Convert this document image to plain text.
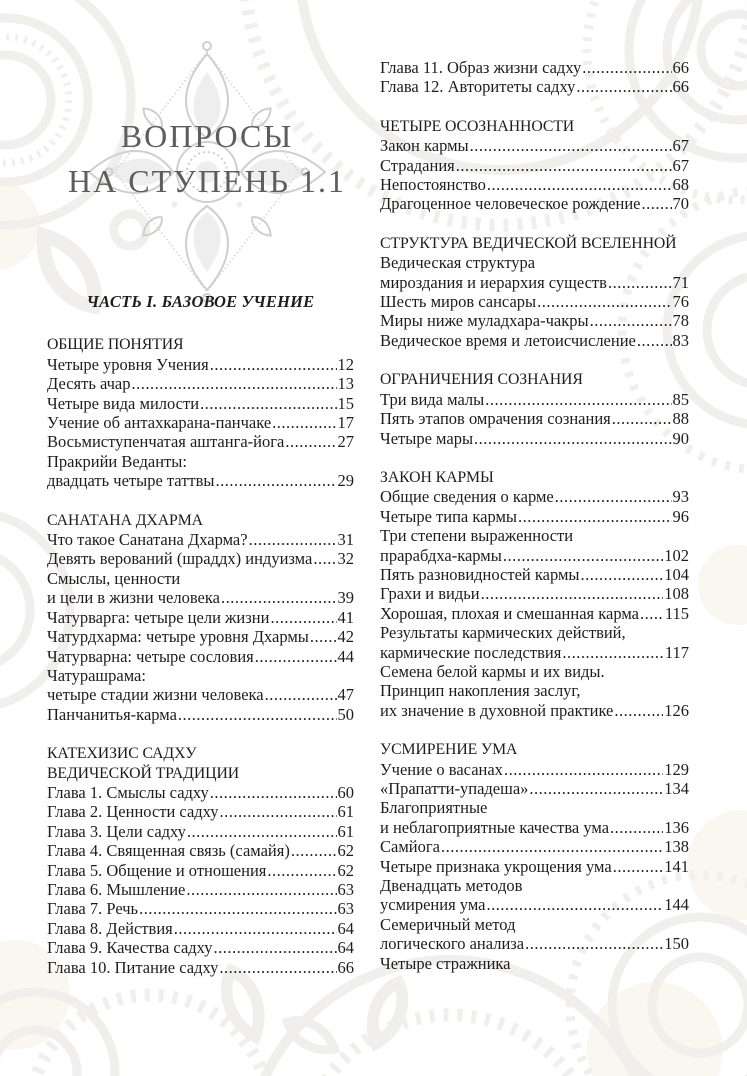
ВОПРОСЫ
НА СТУПЕНЬ 1.1
ЧАСТЬ I. БАЗОВОЕ УЧЕНИЕ
ОБЩИЕ ПОНЯТИЯ
Четыре уровня Учения .....	12
Десять ачар .....	13
Четыре вида милости .....	15
Учение об антахкарана-панчаке .....	17
Восьмиступенчатая аштанга-йога .....	27
Пракрийи Веданты:
двадцать четыре таттвы .....	29
САНАТАНА ДХАРМА
Что такое Санатана Дхарма? .....	31
Девять верований (шраддх) индуизма ..... 32
Смыслы, ценности
и цели в жизни человека .....	39
Чатурварга: четыре цели жизни .....	41
Чатурдхарма: четыре уровня Дхармы ..... 42
Чатурварна: четыре сословия .....	44
Чатурашрама:
четыре стадии жизни человека .....	47
Панчанитья-карма .....	50
КАТЕХИЗИС САДХУ
ВЕДИЧЕСКОЙ ТРАДИЦИИ
Глава 1. Смыслы садху .....	60
Глава 2. Ценности садху .....	61
Глава 3. Цели садху .....	61
Глава 4. Священная связь (самайя) .....	62
Глава 5. Общение и отношения .....	62
Глава 6. Мышление .....	63
Глава 7. Речь .....	63
Глава 8. Действия .....	64
Глава 9. Качества садху .....	64
Глава 10. Питание садху .....	66
Глава 11. Образ жизни садху .....	66
Глава 12. Авторитеты садху .....	66
ЧЕТЫРЕ ОСОЗНАННОСТИ
Закон кармы .....	67
Страдания .....	67
Непостоянство .....	68
Драгоценное человеческое рождение ..... 70
СТРУКТУРА ВЕДИЧЕСКОЙ ВСЕЛЕННОЙ
Ведическая структура
мироздания и иерархия существ .....	71
Шесть миров сансары .....	76
Миры ниже муладхара-чакры .....	78
Ведическое время и летоисчисление ..... 83
ОГРАНИЧЕНИЯ СОЗНАНИЯ
Три вида малы .....	85
Пять этапов омрачения сознания .....	88
Четыре мары .....	90
ЗАКОН КАРМЫ
Общие сведения о карме .....	93
Четыре типа кармы .....	96
Три степени выраженности
прарабдха-кармы .....	102
Пять разновидностей кармы .....	104
Грахи и видьи .....	108
Хорошая, плохая и смешанная карма ..... 115
Результаты кармических действий,
кармические последствия .....	117
Семена белой кармы и их виды.
Принцип накопления заслуг,
их значение в духовной практике .....	126
УСМИРЕНИЕ УМА
Учение о васанах .....	129
«Прапатти-упадеша» .....	134
Благоприятные
и неблагоприятные качества ума .....	136
Самйога .....	138
Четыре признака укрощения ума .....	141
Двенадцать методов
усмирения ума .....	144
Семеричный метод
логического анализа .....	150
Четыре стражника
